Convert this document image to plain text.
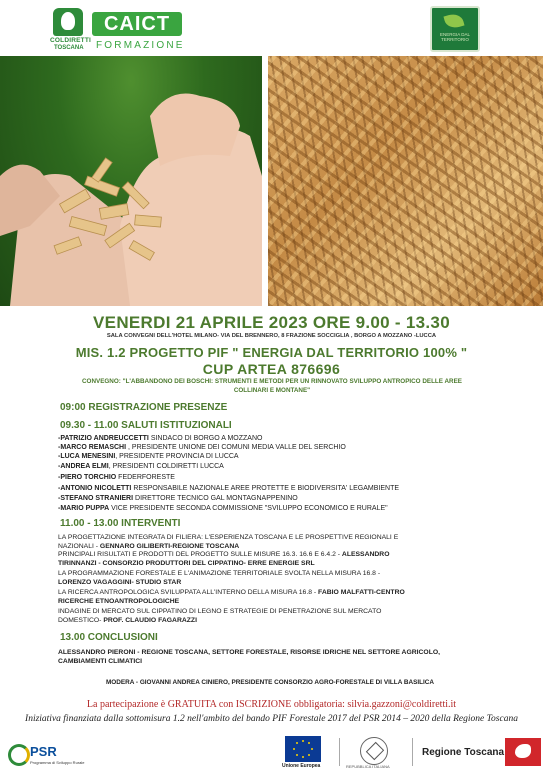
COLDIRETTI
TOSCANA
CAICT
FORMAZIONE
ENERGIA DAL TERRITORIO
SALA CONVEGNI DELL'HOTEL MILANO- VIA DEL BRENNERO, 8 FRAZIONE SOCCIGLIA , BORGO A MOZZANO -LUCCA
VENERDI 21 APRILE 2023 ORE 9.00 - 13.30
MIS. 1.2 PROGETTO PIF " ENERGIA DAL TERRITORIO 100% "
CUP ARTEA 876696
CONVEGNO: "L'ABBANDONO DEI BOSCHI: STRUMENTI E METODI PER UN RINNOVATO SVILUPPO ANTROPICO DELLE AREE
COLLINARI E MONTANE"
09:00 REGISTRAZIONE PRESENZE
09.30 - 11.00 SALUTI ISTITUZIONALI
-PATRIZIO ANDREUCCETTI SINDACO DI BORGO A MOZZANO
-MARCO REMASCHI , PRESIDENTE UNIONE DEI COMUNI MEDIA VALLE DEL SERCHIO
-LUCA MENESINI, PRESIDENTE PROVINCIA DI LUCCA
-ANDREA ELMI, PRESIDENTI COLDIRETTI LUCCA
-PIERO TORCHIO FEDERFORESTE
-ANTONIO NICOLETTI RESPONSABILE NAZIONALE AREE PROTETTE E BIODIVERSITA' LEGAMBIENTE
-STEFANO STRANIERI DIRETTORE TECNICO GAL MONTAGNAPPENINO
-MARIO PUPPA VICE PRESIDENTE SECONDA COMMISSIONE "SVILUPPO ECONOMICO E RURALE"
11.00 - 13.00 INTERVENTI
LA PROGETTAZIONE INTEGRATA DI FILIERA: L'ESPERIENZA TOSCANA E LE PROSPETTIVE REGIONALI E
NAZIONALI - GENNARO GILIBERTI-REGIONE TOSCANA
PRINCIPALI RISULTATI E PRODOTTI DEL PROGETTO SULLE MISURE 16.3. 16.6 E 6.4.2 - ALESSANDRO
TIRINNANZI - CONSORZIO PRODUTTORI DEL CIPPATINO- ERRE ENERGIE SRL
LA PROGRAMMAZIONE FORESTALE E L'ANIMAZIONE TERRITORIALE SVOLTA NELLA MISURA 16.8 -
LORENZO VAGAGGINI- STUDIO STAR
LA RICERCA ANTROPOLOGICA SVILUPPATA ALL'INTERNO DELLA MISURA 16.8 - FABIO MALFATTI-CENTRO
RICERCHE ETNOANTROPOLOGICHE
INDAGINE DI MERCATO SUL CIPPATINO DI LEGNO E STRATEGIE DI PENETRAZIONE SUL MERCATO
DOMESTICO- PROF. CLAUDIO FAGARAZZI
13.00 CONCLUSIONI
ALESSANDRO PIERONI - REGIONE TOSCANA, SETTORE FORESTALE, RISORSE IDRICHE NEL SETTORE AGRICOLO,
CAMBIAMENTI CLIMATICI
MODERA - GIOVANNI ANDREA CINIERO, PRESIDENTE CONSORZIO AGRO-FORESTALE DI VILLA BASILICA
La partecipazione è GRATUITA con ISCRIZIONE obbligatoria: silvia.gazzoni@coldiretti.it
Iniziativa finanziata dalla sottomisura 1.2 nell'ambito del bando PIF Forestale 2017 del PSR 2014 – 2020 della Regione Toscana
PSR
Programma di Sviluppo Rurale
Unione Europea	REPUBBLICA ITALIANA
Regione Toscana
